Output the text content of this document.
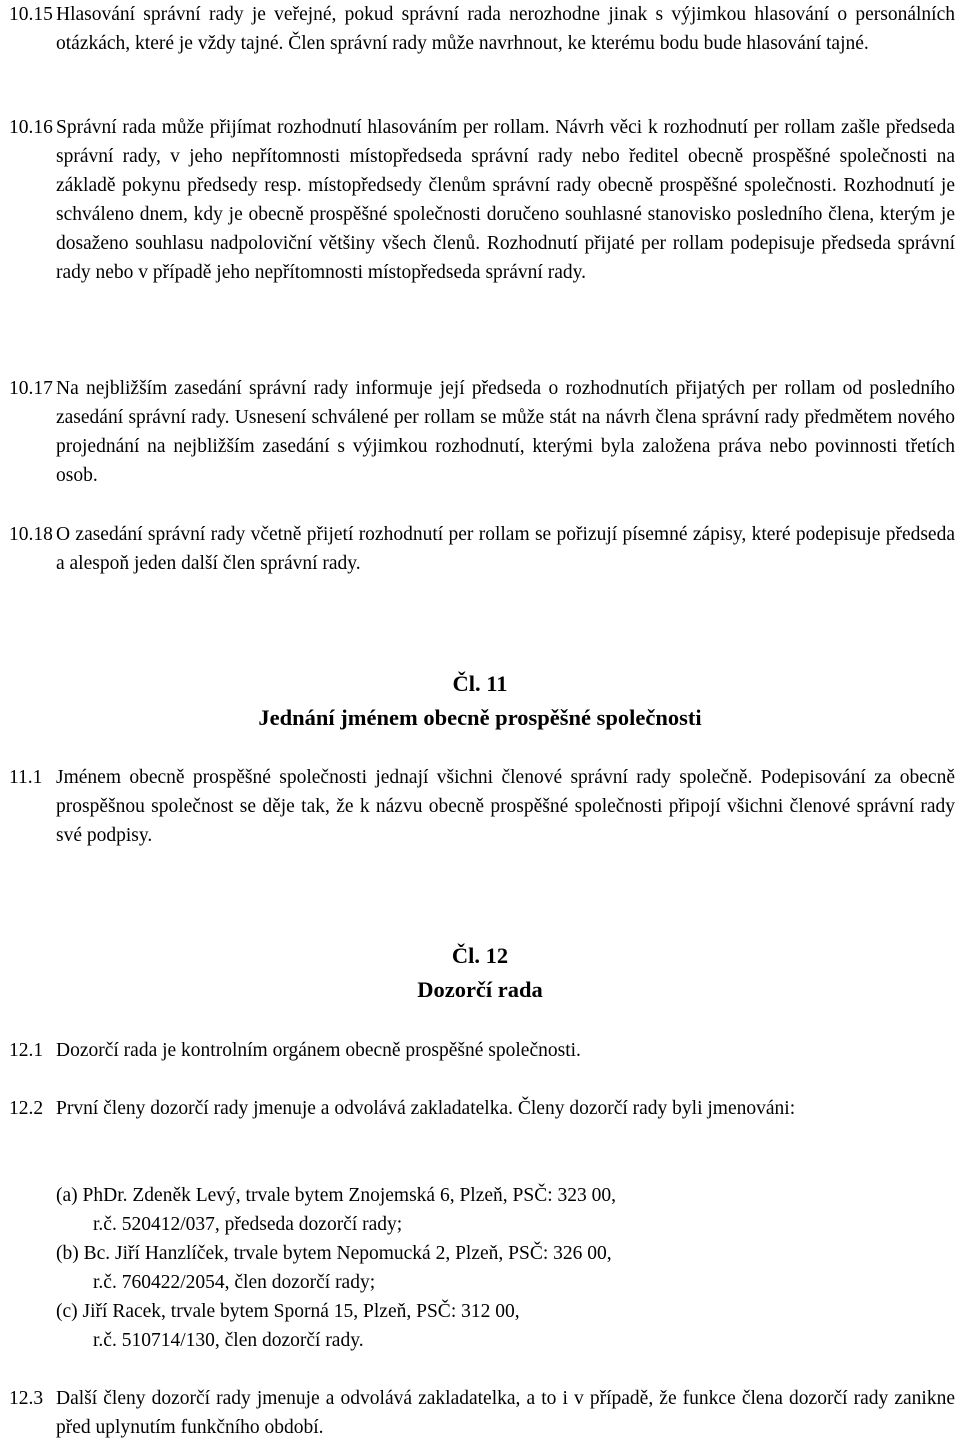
10.15 Hlasování správní rady je veřejné, pokud správní rada nerozhodne jinak s výjimkou hlasování o personálních otázkách, které je vždy tajné. Člen správní rady může navrhnout, ke kterému bodu bude hlasování tajné.

10.16 Správní rada může přijímat rozhodnutí hlasováním per rollam. Návrh věci k rozhodnutí per rollam zašle předseda správní rady, v jeho nepřítomnosti místopředseda správní rady nebo ředitel obecně prospěšné společnosti na základě pokynu předsedy resp. místopředsedy členům správní rady obecně prospěšné společnosti. Rozhodnutí je schváleno dnem, kdy je obecně prospěšné společnosti doručeno souhlasné stanovisko posledního člena, kterým je dosaženo souhlasu nadpoloviční většiny všech členů. Rozhodnutí přijaté per rollam podepisuje předseda správní rady nebo v případě jeho nepřítomnosti místopředseda správní rady.

10.17 Na nejbližším zasedání správní rady informuje její předseda o rozhodnutích přijatých per rollam od posledního zasedání správní rady. Usnesení schválené per rollam se může stát na návrh člena správní rady předmětem nového projednání na nejbližším zasedání s výjimkou rozhodnutí, kterými byla založena práva nebo povinnosti třetích osob.

10.18 O zasedání správní rady včetně přijetí rozhodnutí per rollam se pořizují písemné zápisy, které podepisuje předseda a alespoň jeden další člen správní rady.

Čl. 11
Jednání jménem obecně prospěšné společnosti

11.1 Jménem obecně prospěšné společnosti jednají všichni členové správní rady společně. Podepisování za obecně prospěšnou společnost se děje tak, že k názvu obecně prospěšné společnosti připojí všichni členové správní rady své podpisy.

Čl. 12
Dozorčí rada

12.1 Dozorčí rada je kontrolním orgánem obecně prospěšné společnosti.

12.2 První členy dozorčí rady jmenuje a odvolává zakladatelka. Členy dozorčí rady byli jmenováni:

(a) PhDr. Zdeněk Levý, trvale bytem Znojemská 6, Plzeň, PSČ: 323 00,
r.č. 520412/037, předseda dozorčí rady;
(b) Bc. Jiří Hanzlíček, trvale bytem Nepomucká 2, Plzeň, PSČ: 326 00,
r.č. 760422/2054, člen dozorčí rady;
(c) Jiří Racek, trvale bytem Sporná 15, Plzeň, PSČ: 312 00,
r.č. 510714/130, člen dozorčí rady.

12.3 Další členy dozorčí rady jmenuje a odvolává zakladatelka, a to i v případě, že funkce člena dozorčí rady zanikne před uplynutím funkčního období.
